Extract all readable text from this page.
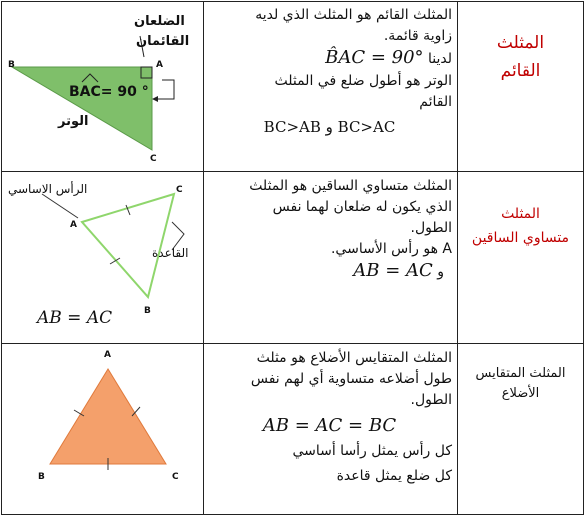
المثلث
القائم
المثلث القائم هو المثلث الذي لديه
زاوية قائمة.
لدينا B̂AC = 90°
الوتر هو أطول ضلع في المثلث
القائم
BC>AC و BC>AB
الضلعان
القائمان
BAC= 90 °
الوتر
B	A
C
المثلث
متساوي الساقين
المثلث متساوي الساقين هو المثلث
الذي يكون له ضلعان لهما نفس
الطول.
A هو رأس الأساسي.
و AB = AC
الرأس الاساسي
القاعدة
A
C
B
AB = AC
المثلث المتقايس
الأضلاع
المثلث المتقايس الأضلاع هو مثلث
طول أضلاعه متساوية أي لهم نفس
الطول.
AB = AC = BC
كل رأس يمثل رأسا أساسي
كل ضلع يمثل قاعدة
A
B	C
